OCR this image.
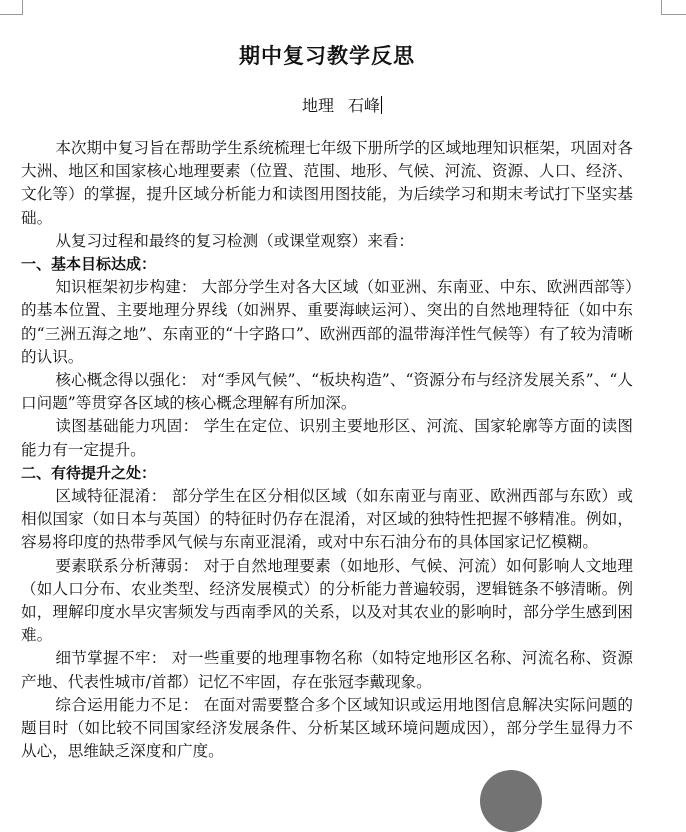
期中复习教学反思
地理 石峰

本次期中复习旨在帮助学生系统梳理七年级下册所学的区域地理知识框架，巩固对各大洲、地区和国家核心地理要素（位置、范围、地形、气候、河流、资源、人口、经济、文化等）的掌握，提升区域分析能力和读图用图技能，为后续学习和期末考试打下坚实基础。

从复习过程和最终的复习检测（或课堂观察）来看：

一、基本目标达成：

知识框架初步构建： 大部分学生对各大区域（如亚洲、东南亚、中东、欧洲西部等）的基本位置、主要地理分界线（如洲界、重要海峡运河）、突出的自然地理特征（如中东的“三洲五海之地”、东南亚的“十字路口”、欧洲西部的温带海洋性气候等）有了较为清晰的认识。

核心概念得以强化： 对“季风气候”、“板块构造”、“资源分布与经济发展关系”、“人口问题”等贯穿各区域的核心概念理解有所加深。

读图基础能力巩固： 学生在定位、识别主要地形区、河流、国家轮廓等方面的读图能力有一定提升。

二、有待提升之处：

区域特征混淆： 部分学生在区分相似区域（如东南亚与南亚、欧洲西部与东欧）或相似国家（如日本与英国）的特征时仍存在混淆，对区域的独特性把握不够精准。例如，容易将印度的热带季风气候与东南亚混淆，或对中东石油分布的具体国家记忆模糊。

要素联系分析薄弱： 对于自然地理要素（如地形、气候、河流）如何影响人文地理（如人口分布、农业类型、经济发展模式）的分析能力普遍较弱，逻辑链条不够清晰。例如，理解印度水旱灾害频发与西南季风的关系，以及对其农业的影响时，部分学生感到困难。

细节掌握不牢： 对一些重要的地理事物名称（如特定地形区名称、河流名称、资源产地、代表性城市/首都）记忆不牢固，存在张冠李戴现象。

综合运用能力不足： 在面对需要整合多个区域知识或运用地图信息解决实际问题的题目时（如比较不同国家经济发展条件、分析某区域环境问题成因），部分学生显得力不从心，思维缺乏深度和广度。
